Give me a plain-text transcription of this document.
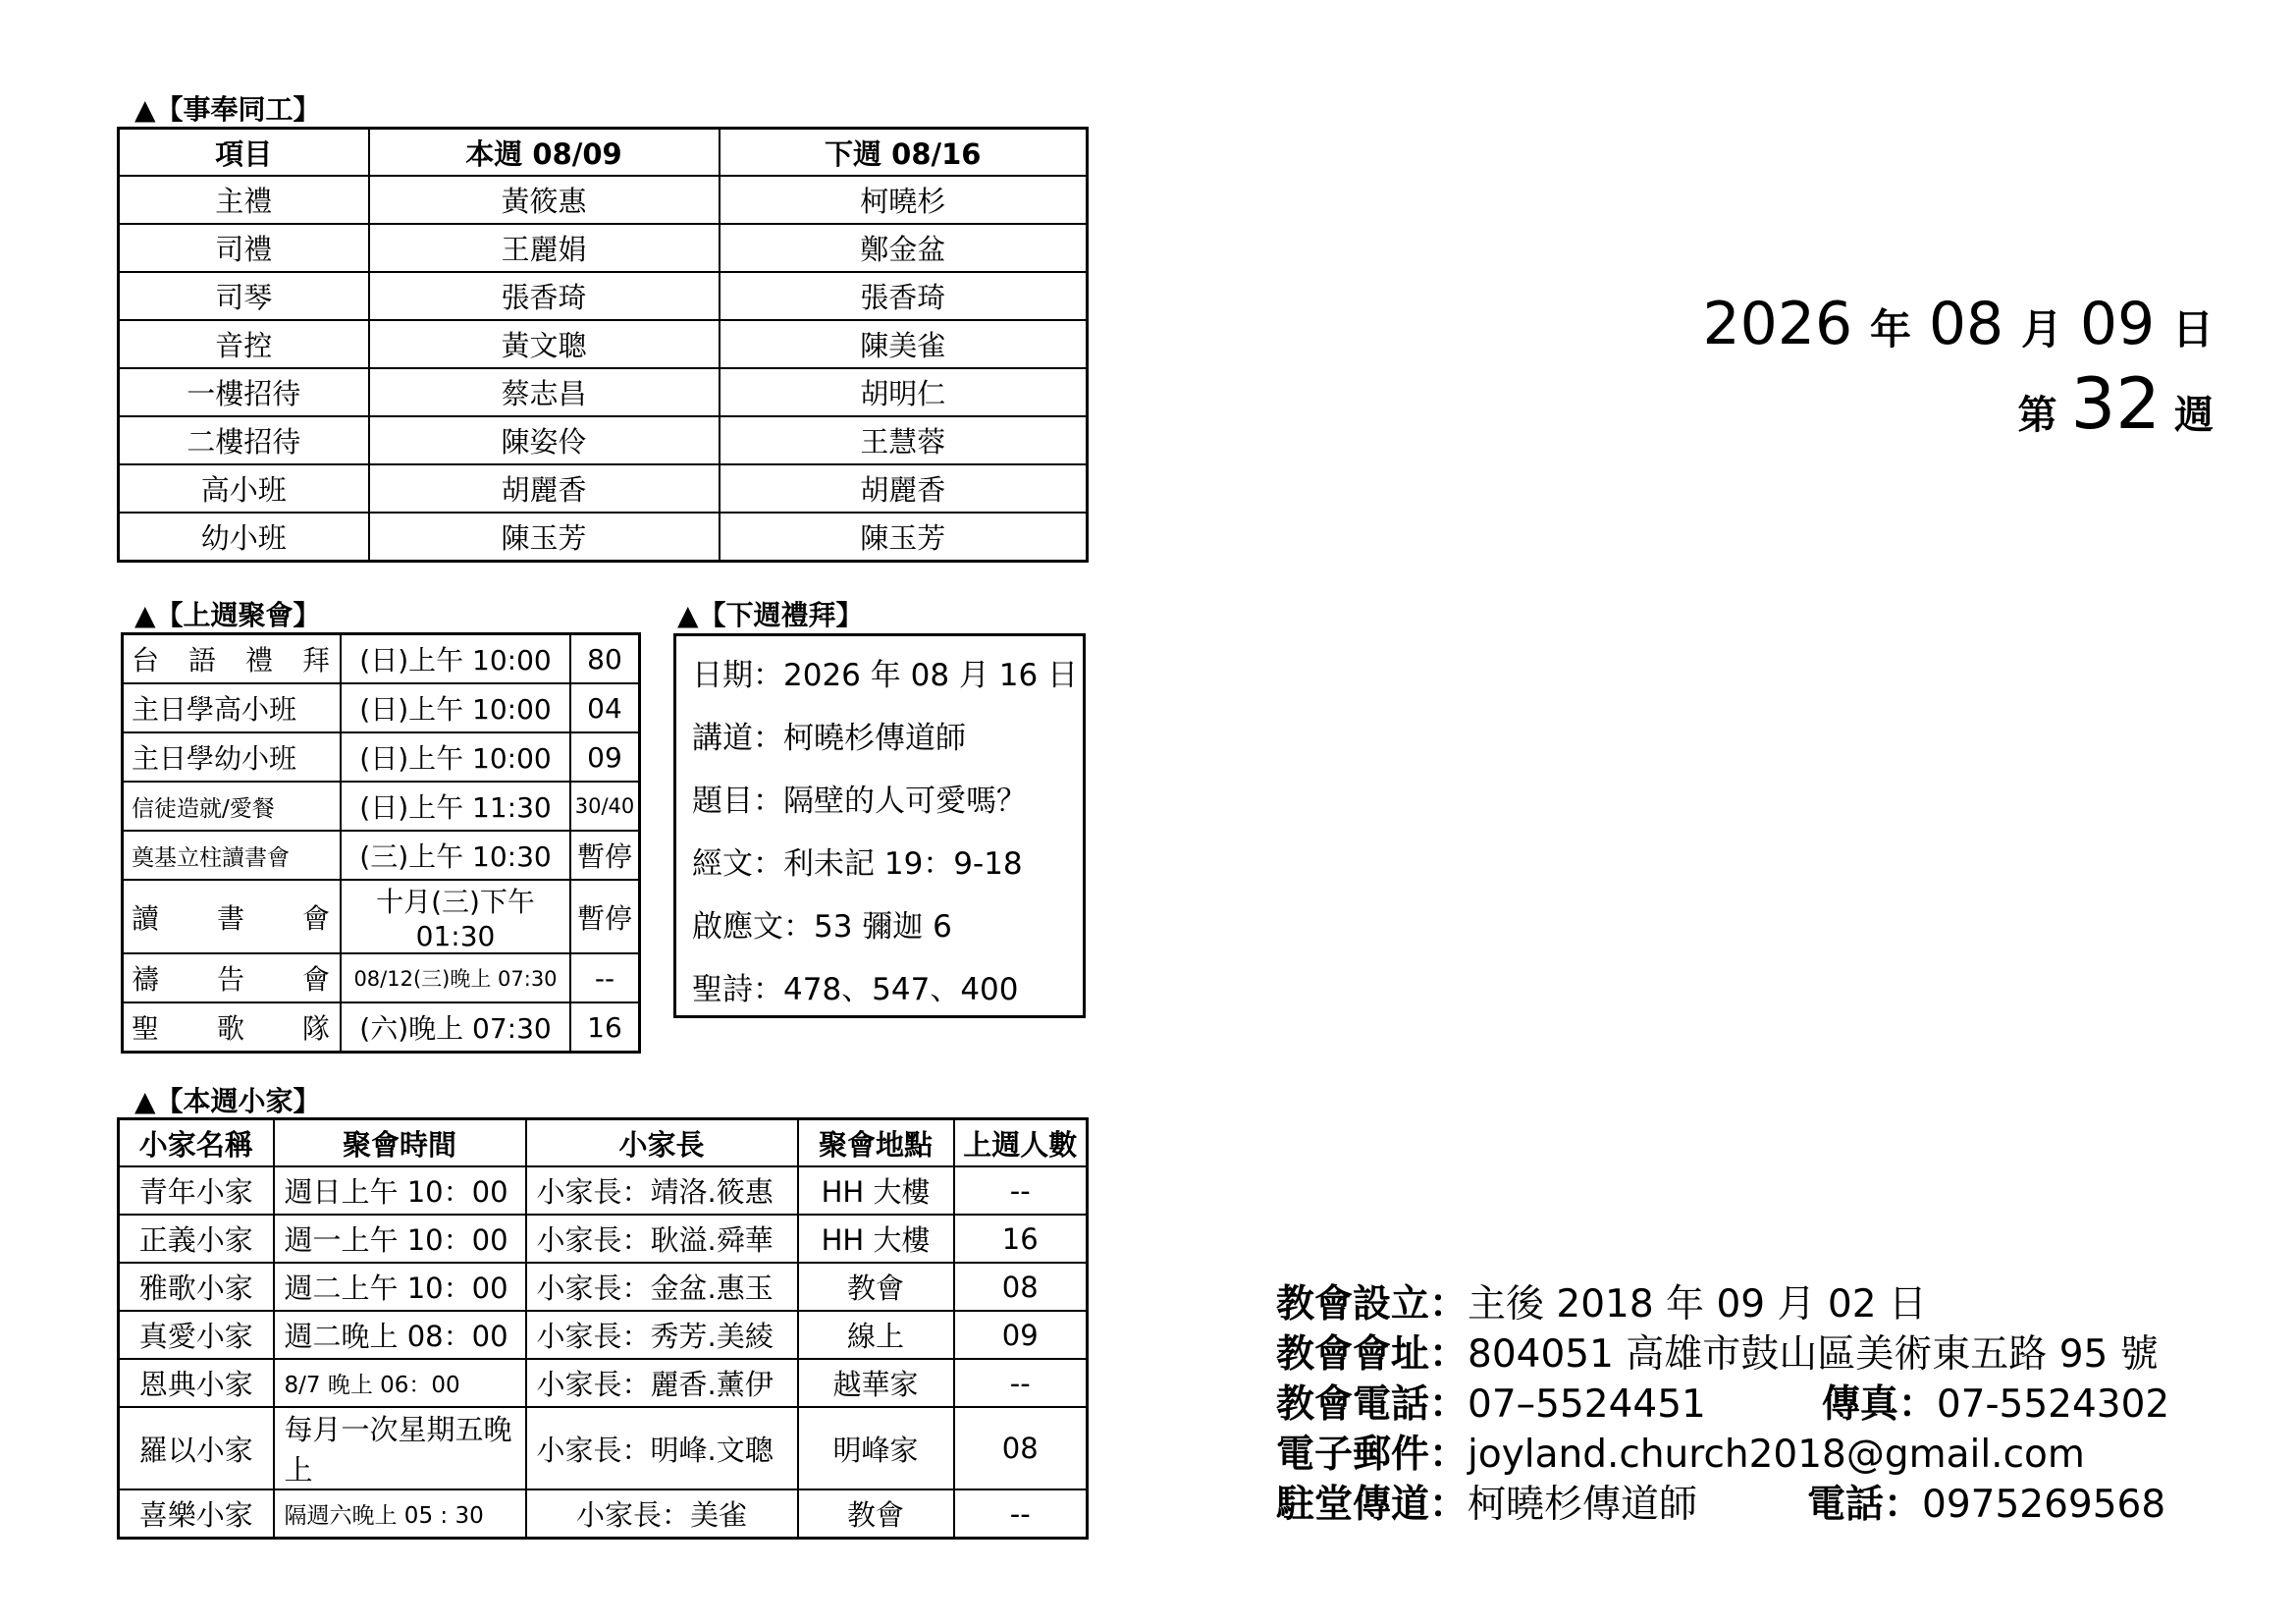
▲【事奉同工】
項目	本週 08/09	下週 08/16
主禮	黃筱惠	柯曉杉
司禮	王麗娟	鄭金盆
司琴	張香琦	張香琦
音控	黃文聰	陳美雀
一樓招待	蔡志昌	胡明仁
二樓招待	陳姿伶	王慧蓉
高小班	胡麗香	胡麗香
幼小班	陳玉芳	陳玉芳
▲【上週聚會】
台 語 禮 拜	(日)上午 10:00	80
主日學高小班	(日)上午 10:00	04
主日學幼小班	(日)上午 10:00	09
信徒造就/愛餐	(日)上午 11:30	30/40
奠基立柱讀書會	(三)上午 10:30	暫停

讀 書 會	十月(三)下午 01:30	暫停

禱 告 會	08/12(三)晚上 07:30	--

聖 歌 隊	(六)晚上 07:30	16
▲【下週禮拜】
日期：2026 年 08 月 16 日
講道：柯曉杉傳道師
題目：隔壁的人可愛嗎？
經文：利未記 19：9-18
啟應文：53 彌迦 6
聖詩：478、547、400
▲【本週小家】
小家名稱	聚會時間	小家長	聚會地點	上週人數
青年小家	週日上午 10：00	小家長：靖洛.筱惠	HH 大樓	--
正義小家	週一上午 10：00	小家長：耿溢.舜華	HH 大樓	16
雅歌小家	週二上午 10：00	小家長：金盆.惠玉	教會	08
真愛小家	週二晚上 08：00	小家長：秀芳.美綾	線上	09
恩典小家	8/7 晚上 06：00	小家長：麗香.薰伊	越華家	--
羅以小家	每月一次星期五晚上	小家長：明峰.文聰	明峰家	08
喜樂小家	隔週六晚上 05 : 30	小家長：美雀	教會	--
2026 年 08 月 09 日
第 32 週
教會設立：主後 2018 年 09 月 02 日
教會會址：804051 高雄市鼓山區美術東五路 95 號
教會電話：07–5524451	傳真：07-5524302
電子郵件：joyland.church2018@gmail.com
駐堂傳道：柯曉杉傳道師	電話：0975269568
